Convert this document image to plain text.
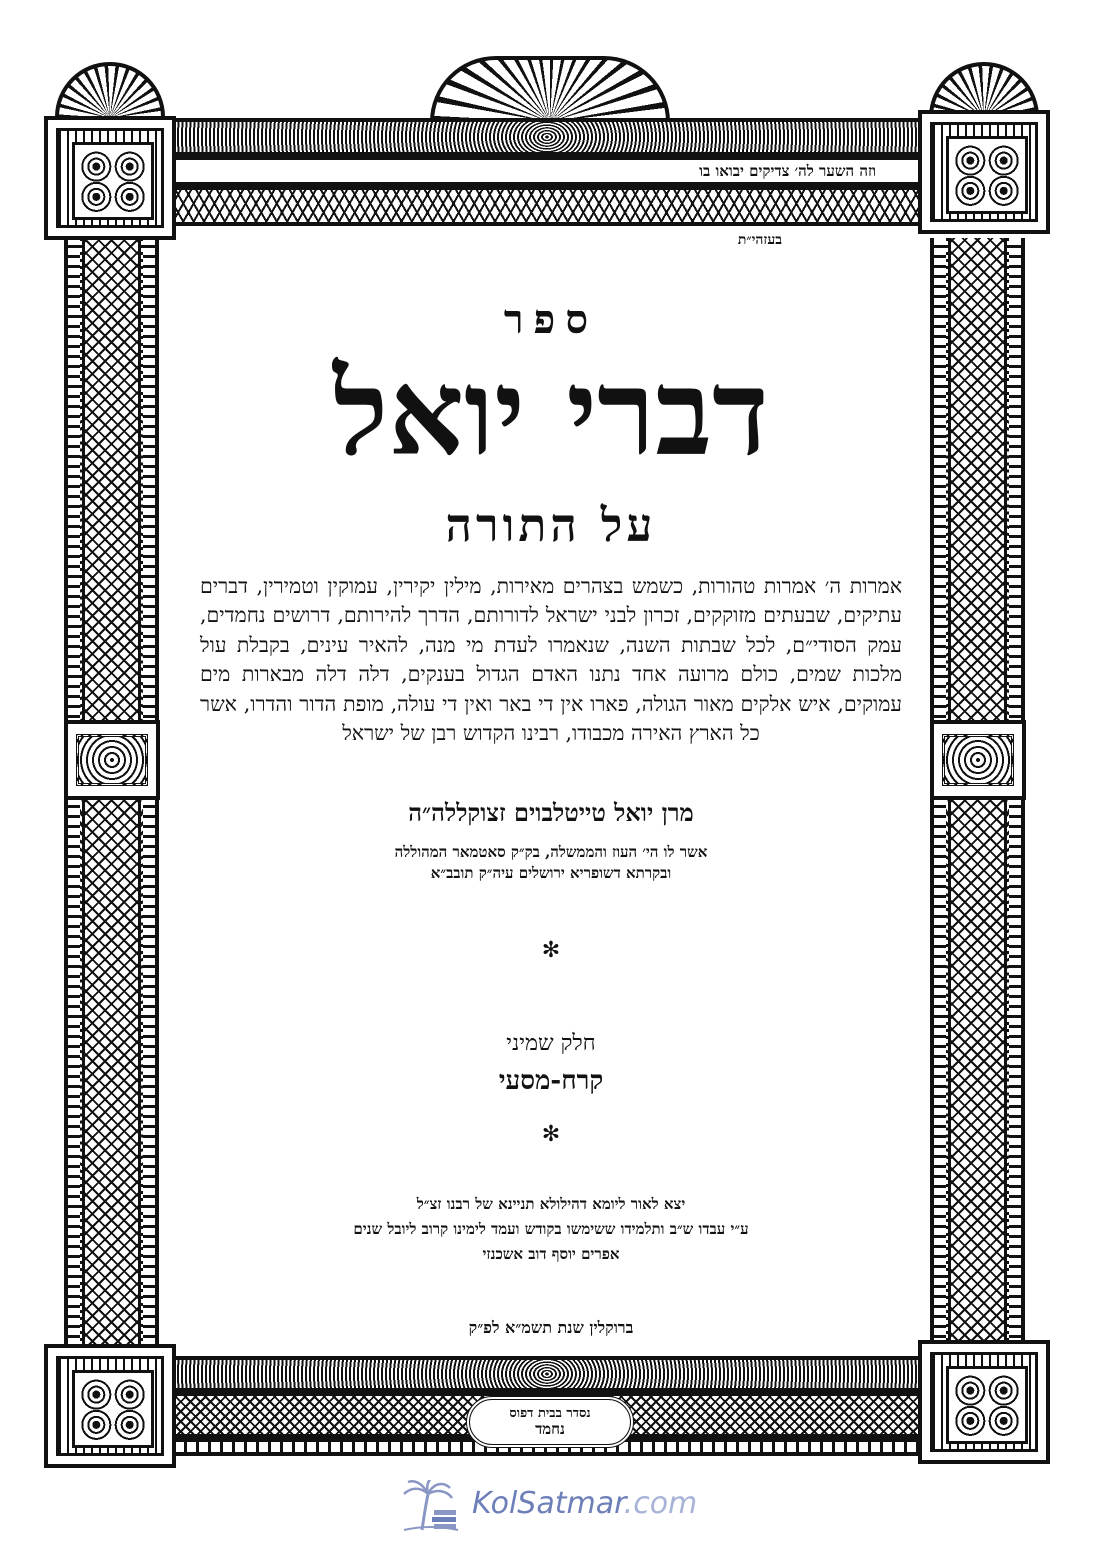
וזה השער לה׳ צדיקים יבואו בו
נסדר בבית דפוס
נחמד
בעזהי״ת
ספר
דברי יואל
על התורה
אמרות ה׳ אמרות טהורות, כשמש בצהרים מאירות, מילין יקירין, עמוקין וטמירין, דברים עתיקים, שבעתים מזוקקים, זכרון לבני ישראל לדורותם, הדרך להירותם, דרושים נחמדים, עמק הסודי״ם, לכל שבתות השנה, שנאמרו לעדת מי מנה, להאיר עינים, בקבלת עול מלכות שמים, כולם מרועה אחד נתנו האדם הגדול בענקים, דלה דלה מבארות מים עמוקים, איש אלקים מאור הגולה, פארו אין די באר ואין די עולה, מופת הדור והדרו, אשר כל הארץ האירה מכבודו, רבינו הקדוש רבן של ישראל
מרן יואל טייטלבוים זצוקללה״ה
אשר לו הי׳ העוז והממשלה, בק״ק סאטמאר המהוללה
ובקרתא דשופריא ירושלים עיה״ק תובב״א
✻
חלק שמיני
קרח-מסעי
✻
יצא לאור ליומא דהילולא תניינא של רבנו זצ״ל
ע״י עבדו ש״ב ותלמידו ששימשו בקודש ועמד לימינו קרוב ליובל שנים
אפרים יוסף דוב אשכנזי
ברוקלין שנת תשמ״א לפ״ק
KolSatmar.com
